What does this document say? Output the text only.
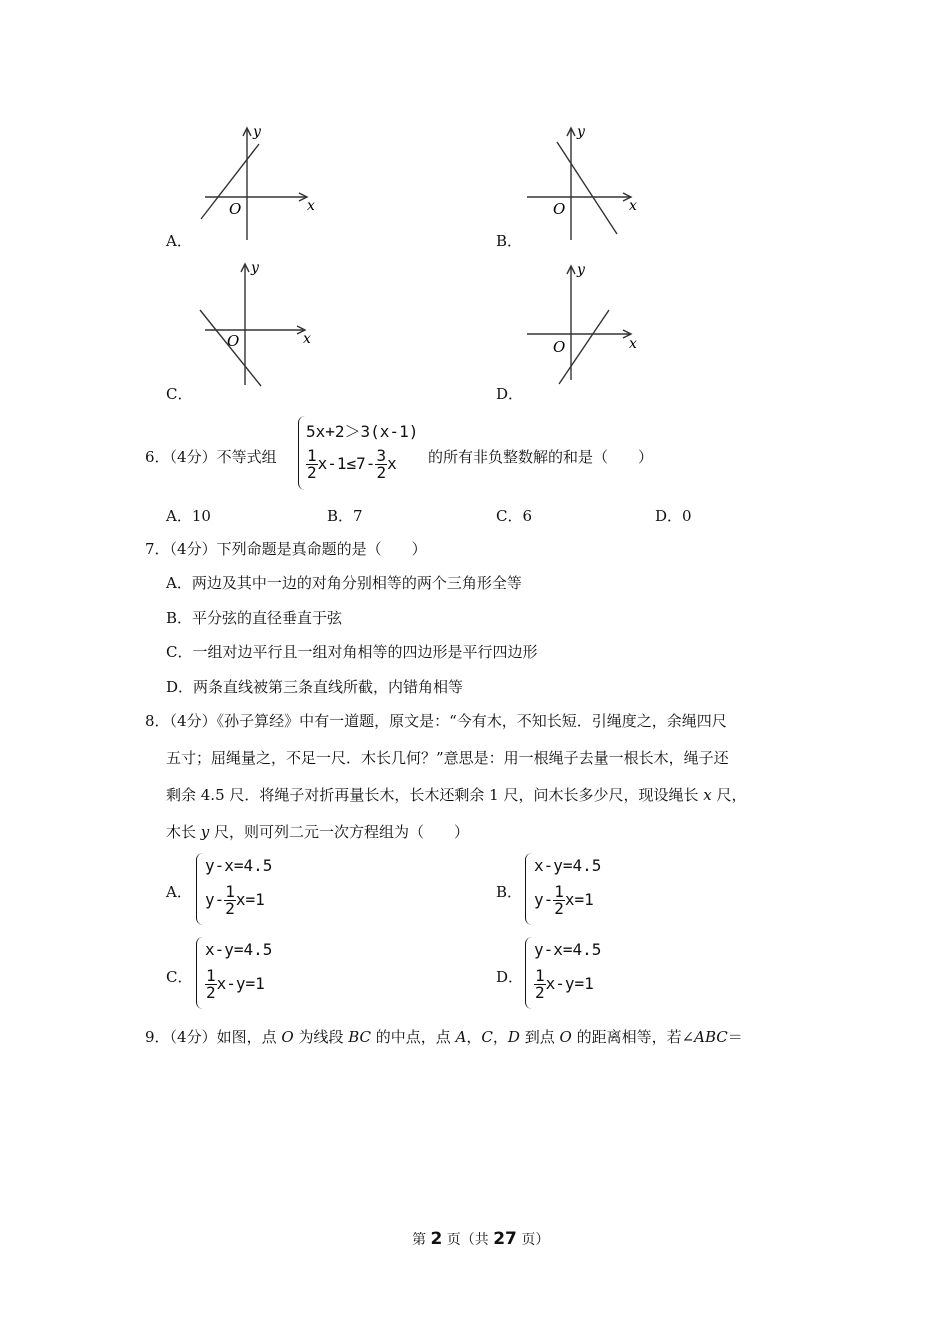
O	x
y
A．
O	x
y
B．
O	x
y
C．
O	x
y
D．
6．（4分）不等式组
5x+2＞3(x-1)
$\frac{1}{2} x-1\le 7- \frac{3}{2}$ x 的所有非负整数解的和是（　　）
A．10	B．7	C．6	D．0
7．（4分）下列命题是真命题的是（　　）
A．两边及其中一边的对角分别相等的两个三角形全等
B．平分弦的直径垂直于弦
C．一组对边平行且一组对角相等的四边形是平行四边形
D．两条直线被第三条直线所截，内错角相等
8．（4分）《孙子算经》中有一道题，原文是：“今有木，不知长短．引绳度之，余绳四尺
五寸；屈绳量之，不足一尺．木长几何？”意思是：用一根绳子去量一根长木，绳子还
剩余 4.5 尺．将绳子对折再量长木，长木还剩余 1 尺，问木长多少尺，现设绳长 x 尺，
木长 y 尺，则可列二元一次方程组为（　　）
A．
y-x=4.5
$y- \frac{1}{2} x=1$	B．
x-y=4.5
$y- \frac{1}{2} x=1$
C．
x-y=4.5
$\frac{1}{2} x-y=1$	D．
y-x=4.5
$\frac{1}{2} x-y=1$
9．（4分）如图，点 O 为线段 BC 的中点，点 A，C，D 到点 O 的距离相等，若∠ABC＝
第 2 页（共 27 页）
